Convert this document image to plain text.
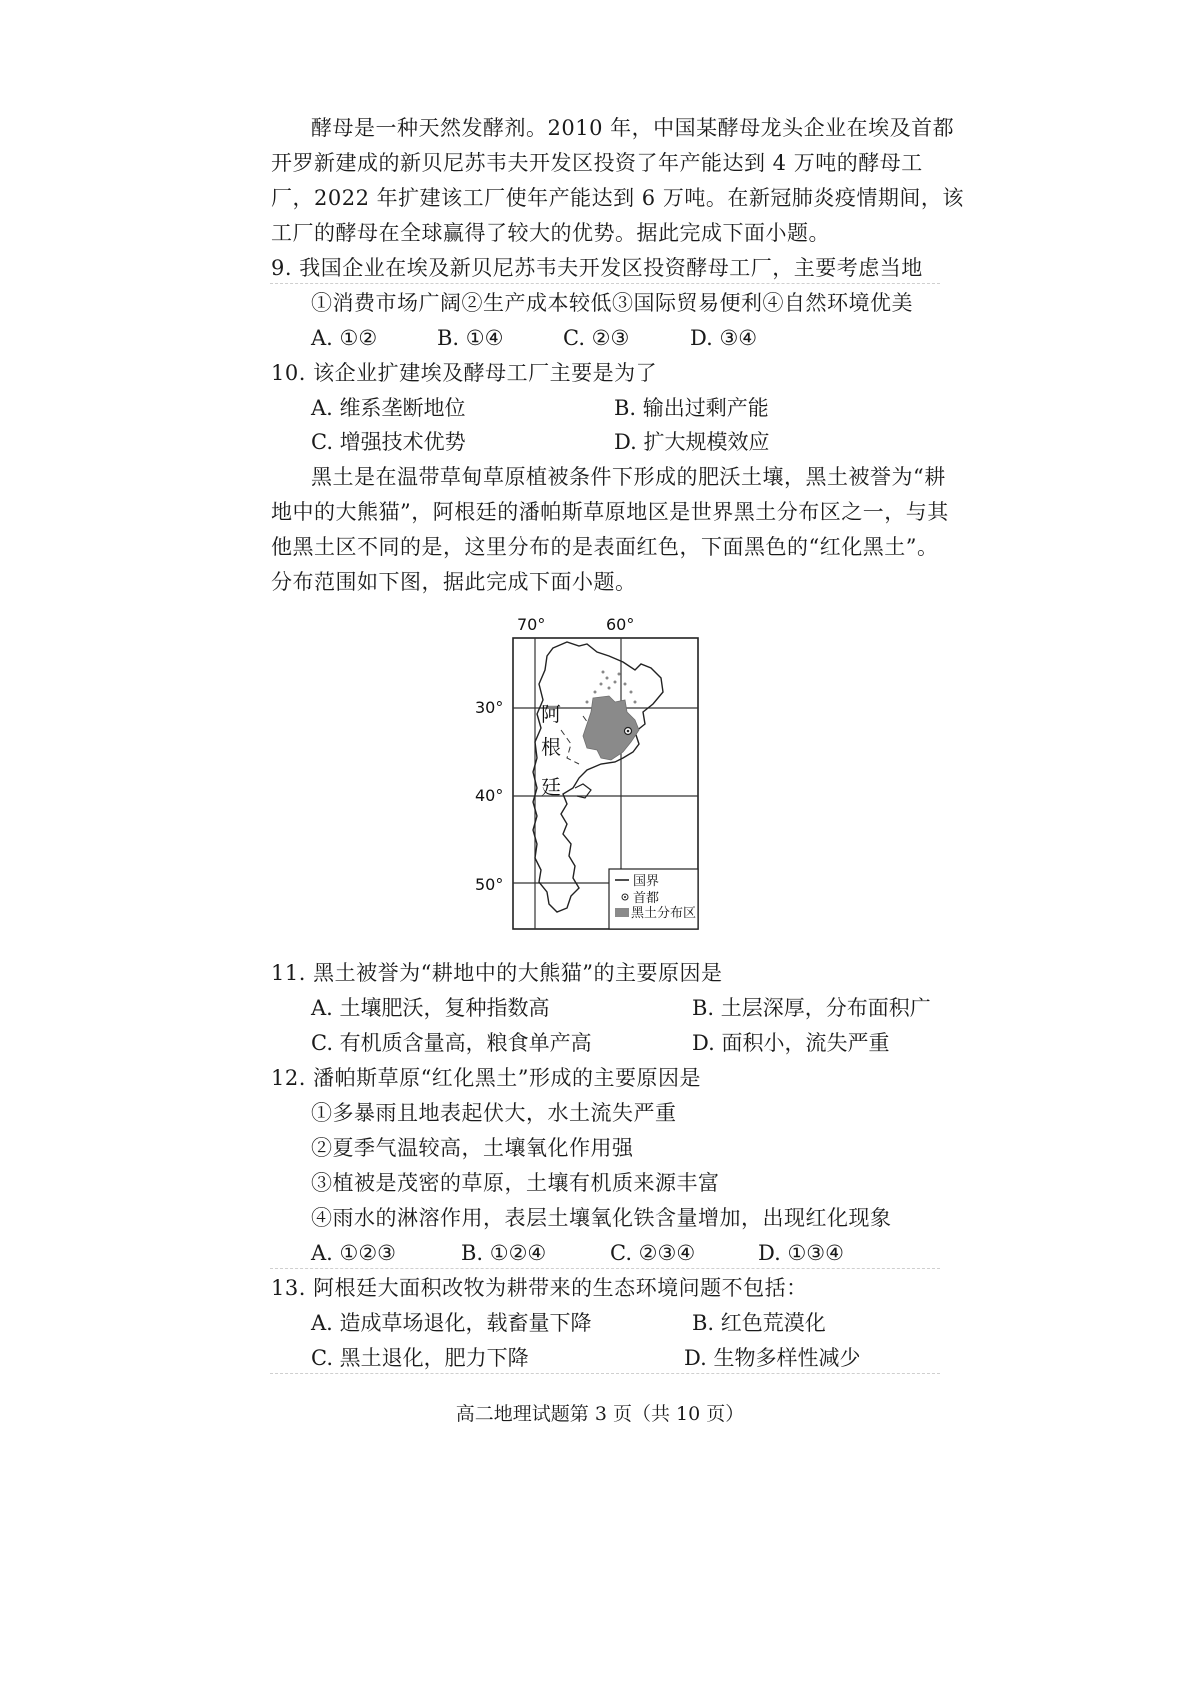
酵母是一种天然发酵剂。2010 年，中国某酵母龙头企业在埃及首都
开罗新建成的新贝尼苏韦夫开发区投资了年产能达到 4 万吨的酵母工
厂，2022 年扩建该工厂使年产能达到 6 万吨。在新冠肺炎疫情期间，该
工厂的酵母在全球赢得了较大的优势。据此完成下面小题。
9. 我国企业在埃及新贝尼苏韦夫开发区投资酵母工厂，主要考虑当地
①消费市场广阔②生产成本较低③国际贸易便利④自然环境优美
A. ①②	B. ①④	C. ②③	D. ③④
10. 该企业扩建埃及酵母工厂主要是为了
A. 维系垄断地位	B. 输出过剩产能
C. 增强技术优势	D. 扩大规模效应
黑土是在温带草甸草原植被条件下形成的肥沃土壤，黑土被誉为“耕
地中的大熊猫”，阿根廷的潘帕斯草原地区是世界黑土分布区之一，与其
他黑土区不同的是，这里分布的是表面红色，下面黑色的“红化黑土”。
分布范围如下图，据此完成下面小题。
70°	60°
30°
40°
50°
阿
根
廷
国界
首都
黑土分布区
11. 黑土被誉为“耕地中的大熊猫”的主要原因是
A. 土壤肥沃，复种指数高	B. 土层深厚，分布面积广
C. 有机质含量高，粮食单产高	D. 面积小，流失严重
12. 潘帕斯草原“红化黑土”形成的主要原因是
①多暴雨且地表起伏大，水土流失严重
②夏季气温较高，土壤氧化作用强
③植被是茂密的草原，土壤有机质来源丰富
④雨水的淋溶作用，表层土壤氧化铁含量增加，出现红化现象
A. ①②③	B. ①②④	C. ②③④	D. ①③④
13. 阿根廷大面积改牧为耕带来的生态环境问题不包括：
A. 造成草场退化，载畜量下降	B. 红色荒漠化
C. 黑土退化，肥力下降	D. 生物多样性减少
高二地理试题第 3 页（共 10 页）
